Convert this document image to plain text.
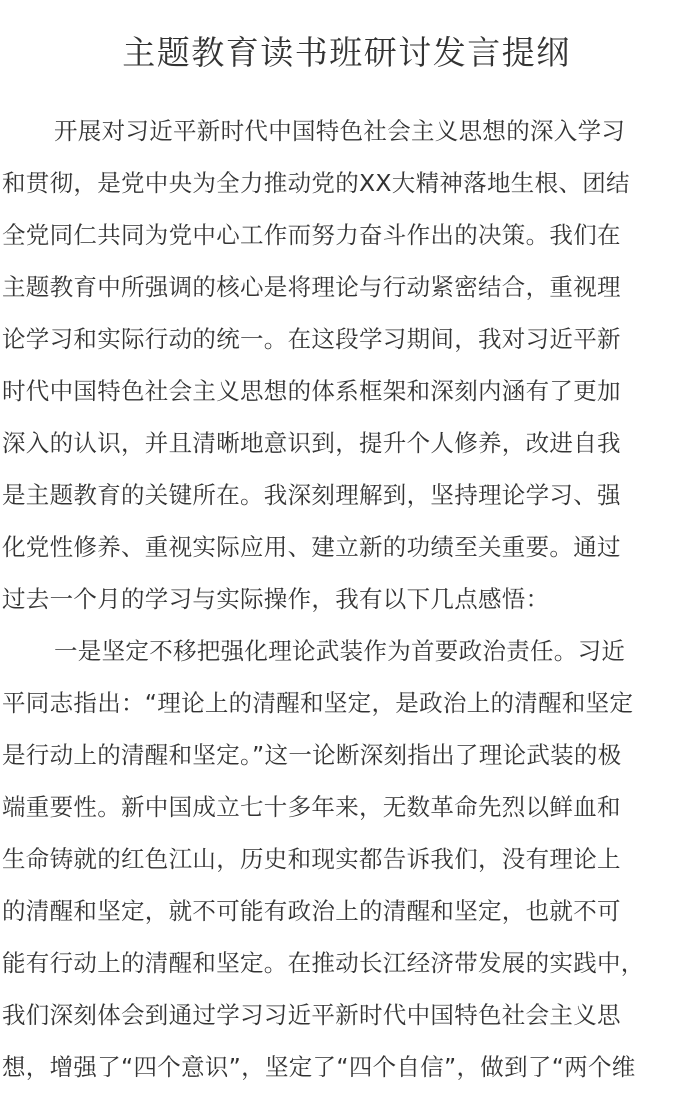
主题教育读书班研讨发言提纲
开展对习近平新时代中国特色社会主义思想的深入学习
和贯彻，是党中央为全力推动党的XX大精神落地生根、团结
全党同仁共同为党中心工作而努力奋斗作出的决策。我们在
主题教育中所强调的核心是将理论与行动紧密结合，重视理
论学习和实际行动的统一。在这段学习期间，我对习近平新
时代中国特色社会主义思想的体系框架和深刻内涵有了更加
深入的认识，并且清晰地意识到，提升个人修养，改进自我
是主题教育的关键所在。我深刻理解到，坚持理论学习、强
化党性修养、重视实际应用、建立新的功绩至关重要。通过
过去一个月的学习与实际操作，我有以下几点感悟：
一是坚定不移把强化理论武装作为首要政治责任。习近
平同志指出：“理论上的清醒和坚定，是政治上的清醒和坚定
是行动上的清醒和坚定。”这一论断深刻指出了理论武装的极
端重要性。新中国成立七十多年来，无数革命先烈以鲜血和
生命铸就的红色江山，历史和现实都告诉我们，没有理论上
的清醒和坚定，就不可能有政治上的清醒和坚定，也就不可
能有行动上的清醒和坚定。在推动长江经济带发展的实践中，
我们深刻体会到通过学习习近平新时代中国特色社会主义思
想，增强了“四个意识”，坚定了“四个自信”，做到了“两个维
